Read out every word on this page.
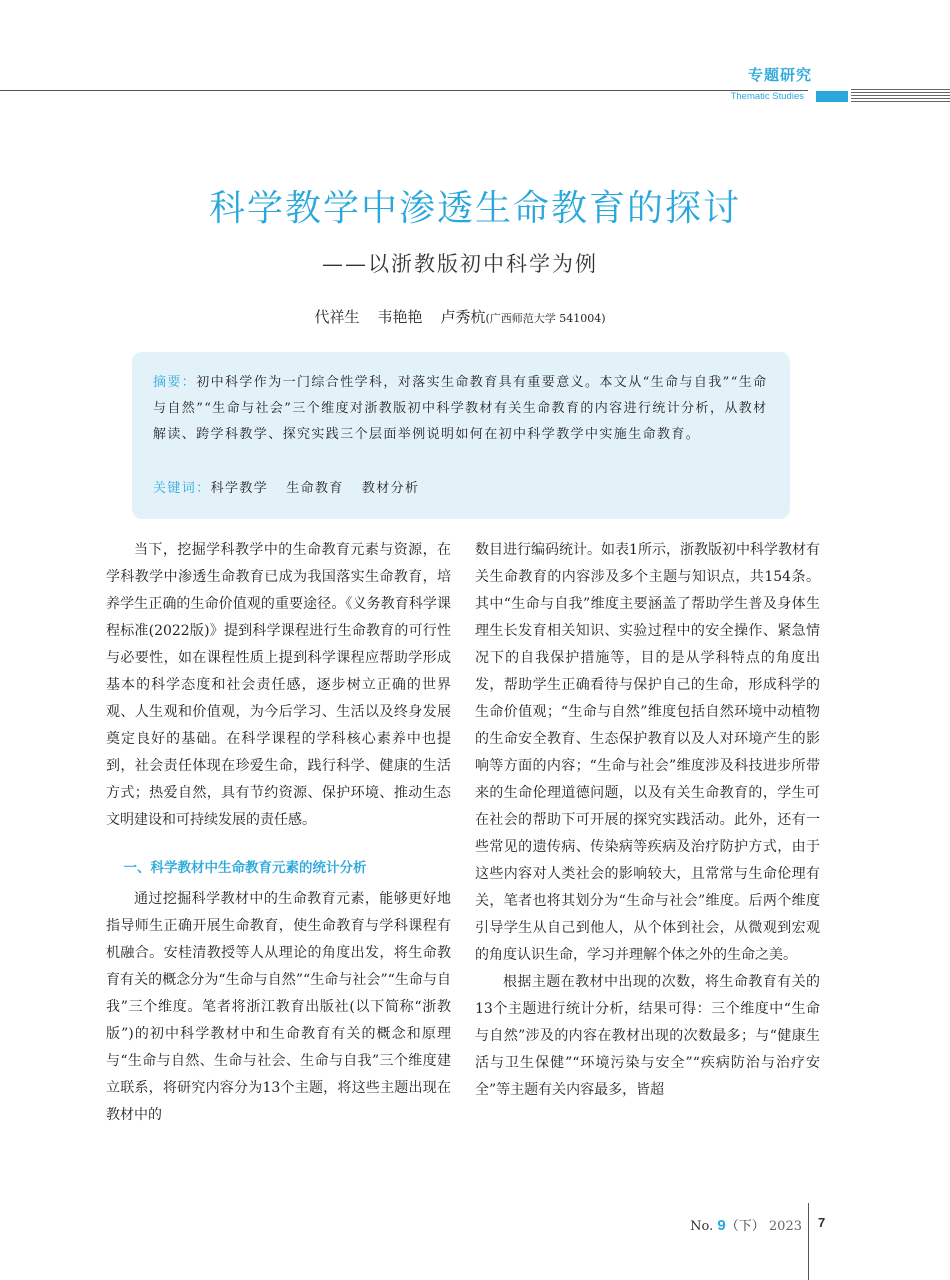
专题研究
Thematic Studies
科学教学中渗透生命教育的探讨
——以浙教版初中科学为例
代祥生 韦艳艳 卢秀杭(广西师范大学 541004)
摘要：初中科学作为一门综合性学科，对落实生命教育具有重要意义。本文从“生命与自我”“生命与自然”“生命与社会”三个维度对浙教版初中科学教材有关生命教育的内容进行统计分析，从教材解读、跨学科教学、探究实践三个层面举例说明如何在初中科学教学中实施生命教育。
关键词：科学教学 生命教育 教材分析

当下，挖掘学科教学中的生命教育元素与资源，在学科教学中渗透生命教育已成为我国落实生命教育，培养学生正确的生命价值观的重要途径。《义务教育科学课程标准(2022版)》提到科学课程进行生命教育的可行性与必要性，如在课程性质上提到科学课程应帮助学形成基本的科学态度和社会责任感，逐步树立正确的世界观、人生观和价值观，为今后学习、生活以及终身发展奠定良好的基础。在科学课程的学科核心素养中也提到，社会责任体现在珍爱生命，践行科学、健康的生活方式；热爱自然，具有节约资源、保护环境、推动生态文明建设和可持续发展的责任感。

一、科学教材中生命教育元素的统计分析

通过挖掘科学教材中的生命教育元素，能够更好地指导师生正确开展生命教育，使生命教育与学科课程有机融合。安桂清教授等人从理论的角度出发，将生命教育有关的概念分为“生命与自然”“生命与社会”“生命与自我”三个维度。笔者将浙江教育出版社(以下简称“浙教版”)的初中科学教材中和生命教育有关的概念和原理与“生命与自然、生命与社会、生命与自我”三个维度建立联系，将研究内容分为13个主题，将这些主题出现在教材中的

数目进行编码统计。如表1所示，浙教版初中科学教材有关生命教育的内容涉及多个主题与知识点，共154条。其中“生命与自我”维度主要涵盖了帮助学生普及身体生理生长发育相关知识、实验过程中的安全操作、紧急情况下的自我保护措施等，目的是从学科特点的角度出发，帮助学生正确看待与保护自己的生命，形成科学的生命价值观；“生命与自然”维度包括自然环境中动植物的生命安全教育、生态保护教育以及人对环境产生的影响等方面的内容；“生命与社会”维度涉及科技进步所带来的生命伦理道德问题，以及有关生命教育的，学生可在社会的帮助下可开展的探究实践活动。此外，还有一些常见的遗传病、传染病等疾病及治疗防护方式，由于这些内容对人类社会的影响较大，且常常与生命伦理有关，笔者也将其划分为“生命与社会”维度。后两个维度引导学生从自己到他人，从个体到社会，从微观到宏观的角度认识生命，学习并理解个体之外的生命之美。

根据主题在教材中出现的次数，将生命教育有关的13个主题进行统计分析，结果可得：三个维度中“生命与自然”涉及的内容在教材出现的次数最多；与“健康生活与卫生保健”“环境污染与安全”“疾病防治与治疗安全”等主题有关内容最多，皆超

No. 9（下） 2023 7
